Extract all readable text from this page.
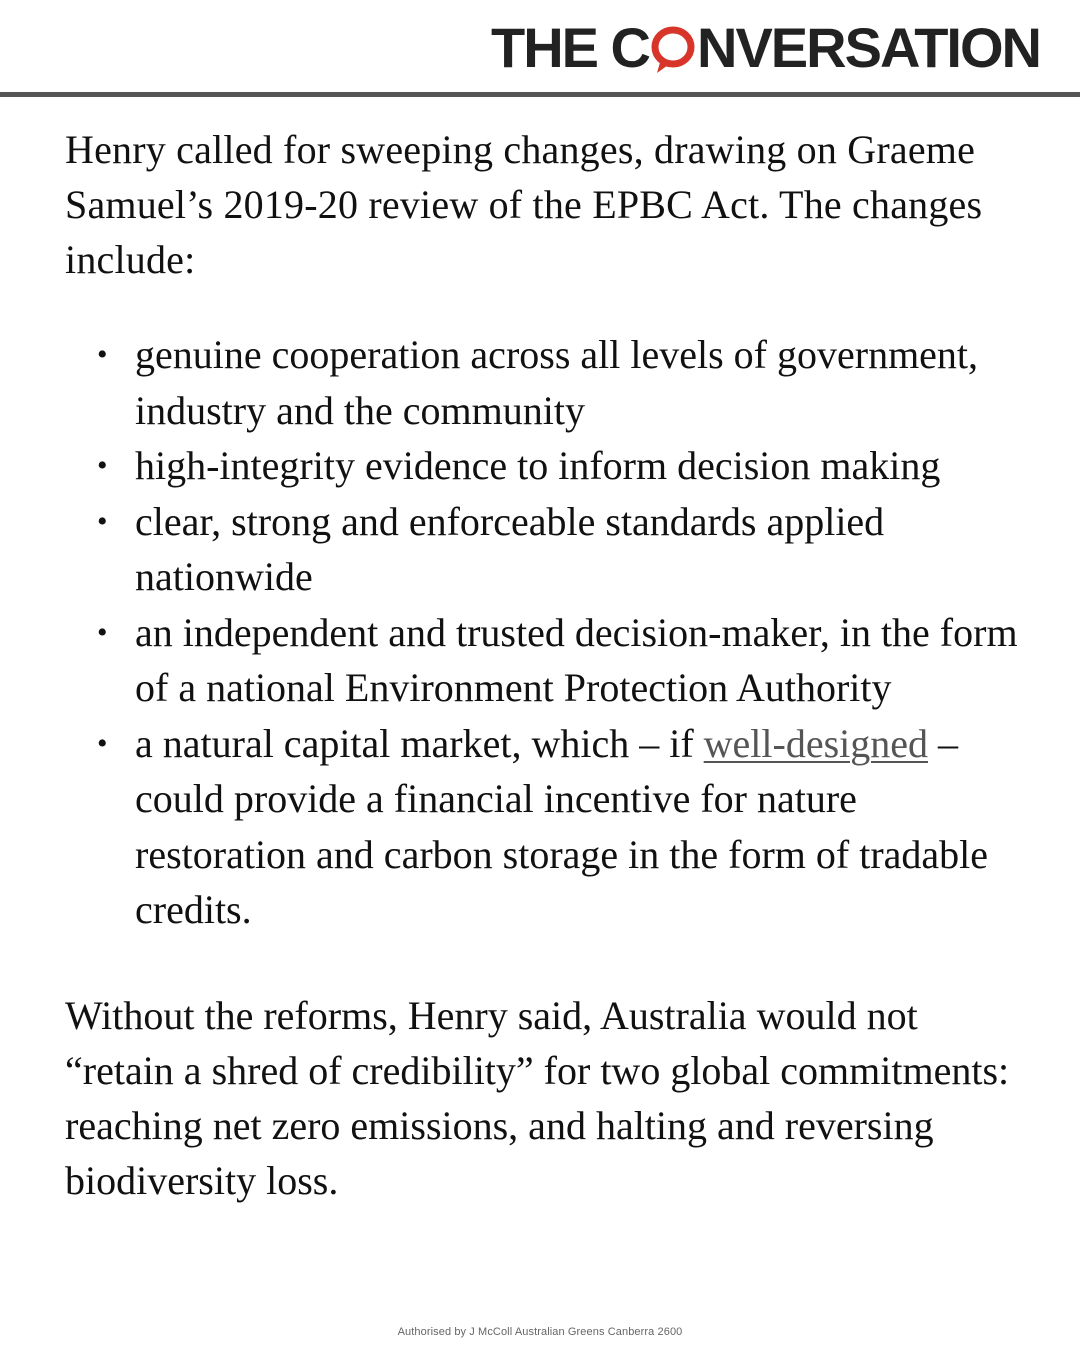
THE C NVERSATION

Henry called for sweeping changes, drawing on Graeme Samuel’s 2019-20 review of the EPBC Act. The changes include:

• genuine cooperation across all levels of government, industry and the community
• high-integrity evidence to inform decision making
• clear, strong and enforceable standards applied nationwide
• an independent and trusted decision-maker, in the form of a national Environment Protection Authority
• a natural capital market, which – if well-designed – could provide a financial incentive for nature restoration and carbon storage in the form of tradable credits.

Without the reforms, Henry said, Australia would not “retain a shred of credibility” for two global commitments: reaching net zero emissions, and halting and reversing biodiversity loss.

Authorised by J McColl Australian Greens Canberra 2600
